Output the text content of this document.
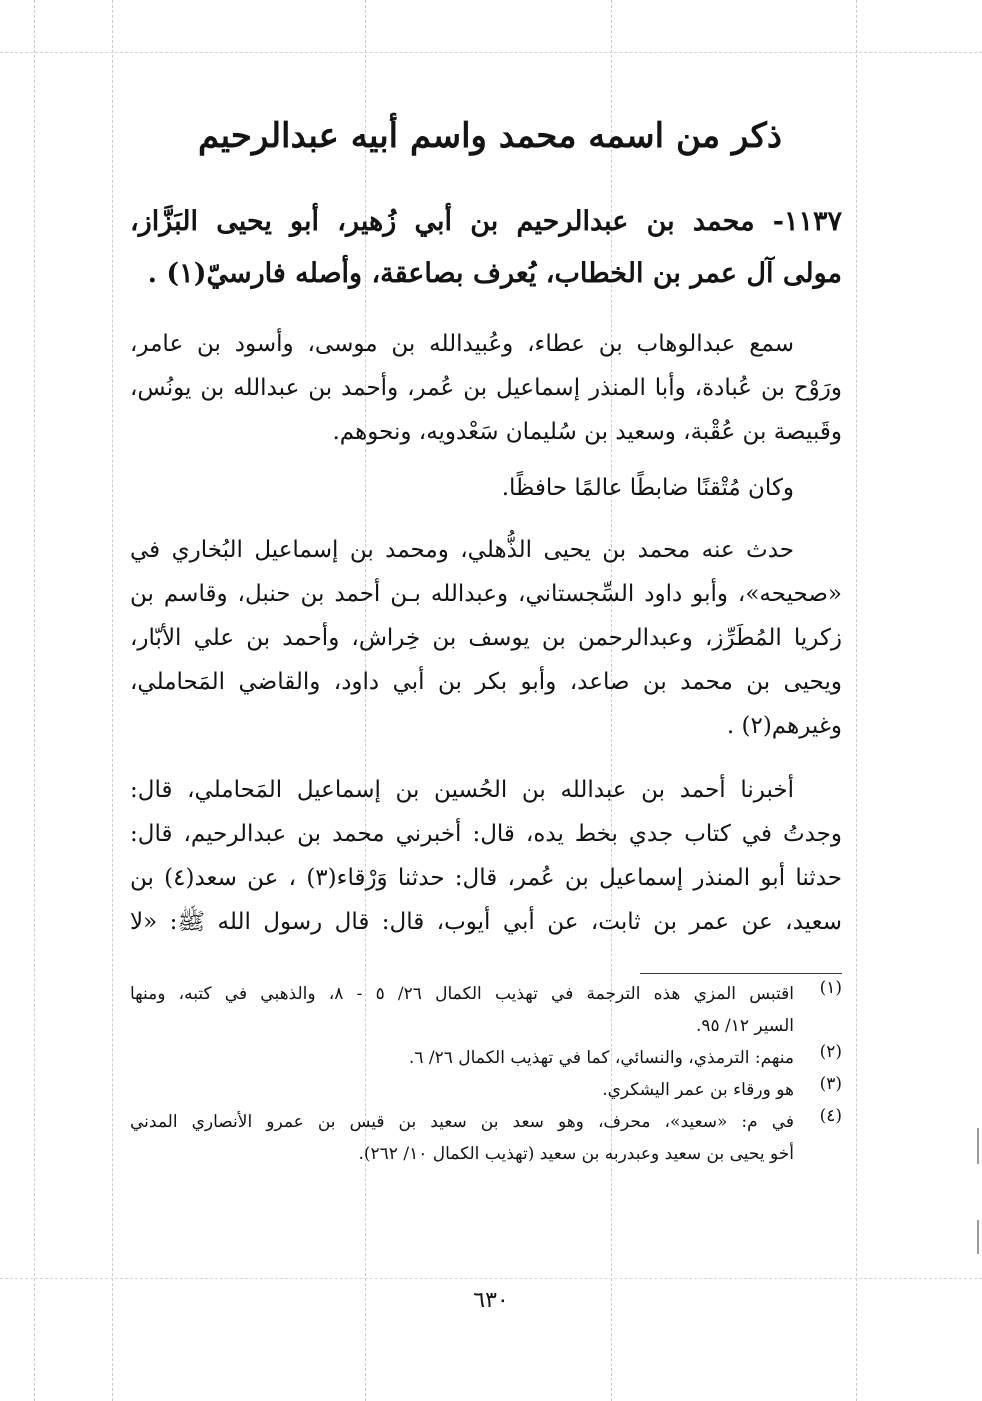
ذكر من اسمه محمد واسم أبيه عبدالرحيم
١١٣٧- محمد بن عبدالرحيم بن أبي زُهير، أبو يحيى البَزَّاز،
مولى آل عمر بن الخطاب، يُعرف بصاعقة، وأصله فارسيّ(١) .
سمع عبدالوهاب بن عطاء، وعُبيدالله بن موسى، وأسود بن عامر،
ورَوْح بن عُبادة، وأبا المنذر إسماعيل بن عُمر، وأحمد بن عبدالله بن يونُس،
وقَبيصة بن عُقْبة، وسعيد بن سُليمان سَعْدويه، ونحوهم.
وكان مُتْقنًا ضابطًا عالمًا حافظًا.
حدث عنه محمد بن يحيى الذُّهلي، ومحمد بن إسماعيل البُخاري في
«صحيحه»، وأبو داود السِّجستاني، وعبدالله بـن أحمد بن حنبل، وقاسم بن
زكريا المُطَرِّز، وعبدالرحمن بن يوسف بن خِراش، وأحمد بن علي الأبّار،
ويحيى بن محمد بن صاعد، وأبو بكر بن أبي داود، والقاضي المَحاملي،
وغيرهم(٢) .
أخبرنا أحمد بن عبدالله بن الحُسين بن إسماعيل المَحاملي، قال:
وجدتُ في كتاب جدي بخط يده، قال: أخبرني محمد بن عبدالرحيم، قال:
حدثنا أبو المنذر إسماعيل بن عُمر، قال: حدثنا وَرْقاء(٣) ، عن سعد(٤) بن
سعيد، عن عمر بن ثابت، عن أبي أيوب، قال: قال رسول الله ﷺ: «لا
(١)
اقتبس المزي هذه الترجمة في تهذيب الكمال ٢٦/ ٥ - ٨، والذهبي في كتبه، ومنها
السير ١٢/ ٩٥.
(٢)
منهم: الترمذي، والنسائي، كما في تهذيب الكمال ٢٦/ ٦.
(٣)
هو ورقاء بن عمر اليشكري.
(٤)
في م: «سعيد»، محرف، وهو سعد بن سعيد بن قيس بن عمرو الأنصاري المدني
أخو يحيى بن سعيد وعبدربه بن سعيد (تهذيب الكمال ١٠/ ٢٦٢).
٦٣٠
